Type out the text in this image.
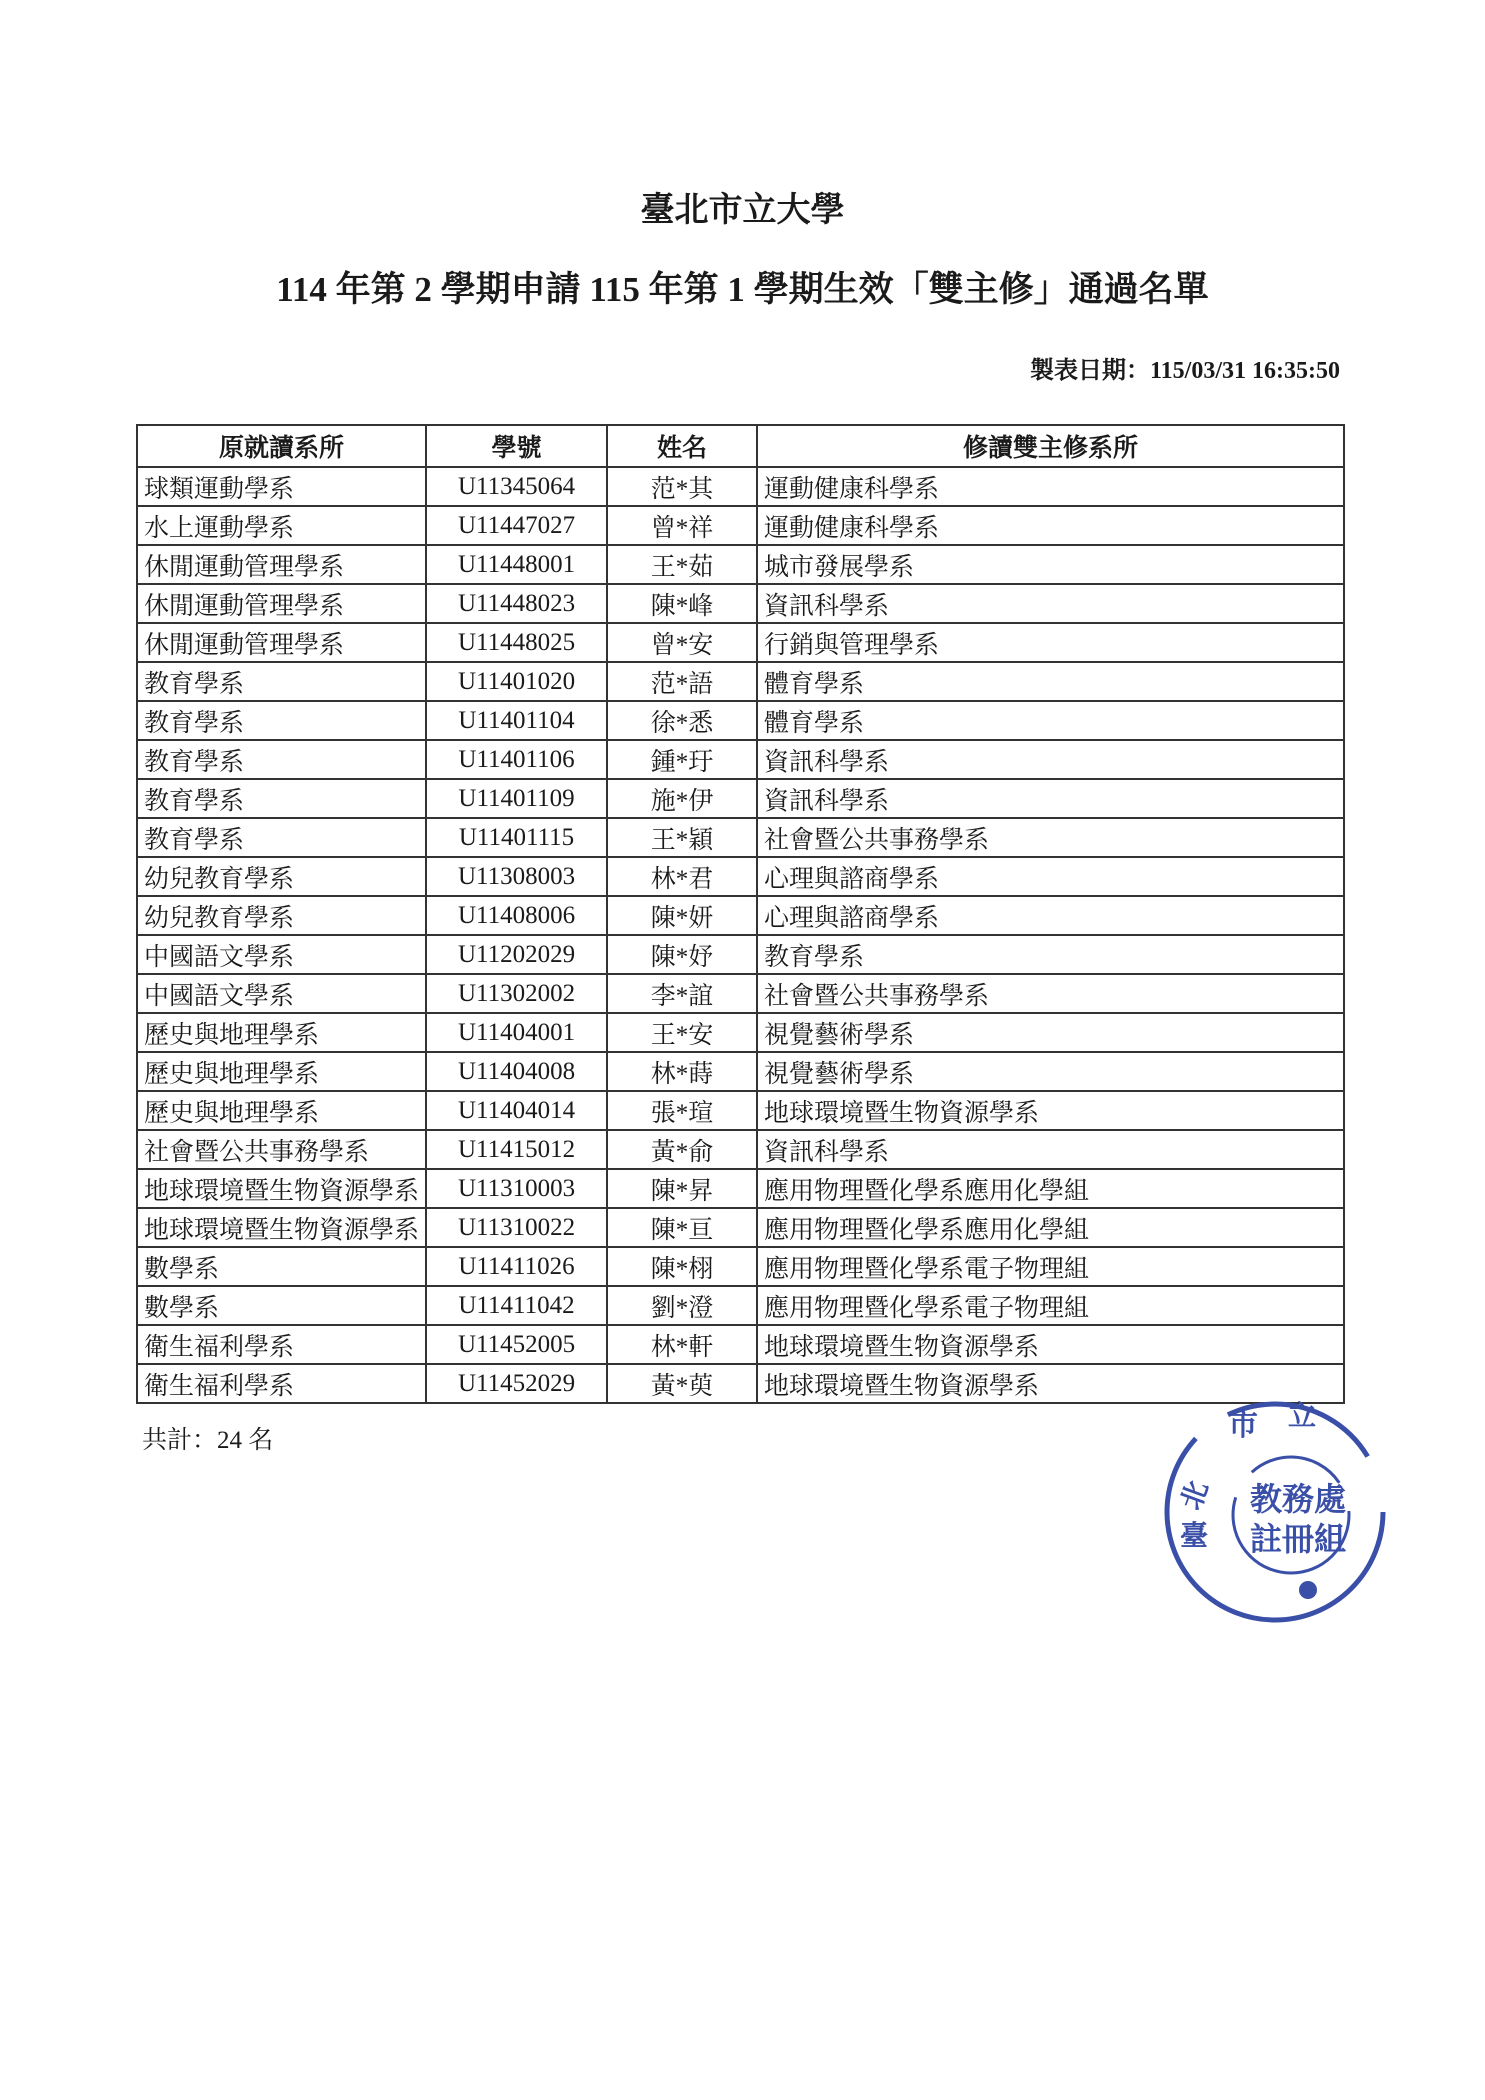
臺北市立大學
114 年第 2 學期申請 115 年第 1 學期生效「雙主修」通過名單
製表日期：115/03/31 16:35:50
原就讀系所	學號	姓名	修讀雙主修系所
球類運動學系	U11345064	范*其	運動健康科學系
水上運動學系	U11447027	曾*祥	運動健康科學系
休閒運動管理學系	U11448001	王*茹	城市發展學系
休閒運動管理學系	U11448023	陳*峰	資訊科學系
休閒運動管理學系	U11448025	曾*安	行銷與管理學系
教育學系	U11401020	范*語	體育學系
教育學系	U11401104	徐*悉	體育學系
教育學系	U11401106	鍾*玗	資訊科學系
教育學系	U11401109	施*伊	資訊科學系
教育學系	U11401115	王*穎	社會暨公共事務學系
幼兒教育學系	U11308003	林*君	心理與諮商學系
幼兒教育學系	U11408006	陳*妍	心理與諮商學系
中國語文學系	U11202029	陳*妤	教育學系
中國語文學系	U11302002	李*誼	社會暨公共事務學系
歷史與地理學系	U11404001	王*安	視覺藝術學系
歷史與地理學系	U11404008	林*蒔	視覺藝術學系
歷史與地理學系	U11404014	張*瑄	地球環境暨生物資源學系
社會暨公共事務學系	U11415012	黃*俞	資訊科學系
地球環境暨生物資源學系	U11310003	陳*昇	應用物理暨化學系應用化學組
地球環境暨生物資源學系	U11310022	陳*亘	應用物理暨化學系應用化學組
數學系	U11411026	陳*栩	應用物理暨化學系電子物理組
數學系	U11411042	劉*澄	應用物理暨化學系電子物理組
衛生福利學系	U11452005	林*軒	地球環境暨生物資源學系
衛生福利學系	U11452029	黃*萸	地球環境暨生物資源學系
共計：24 名	市 立
北
臺
教務處
註冊組
